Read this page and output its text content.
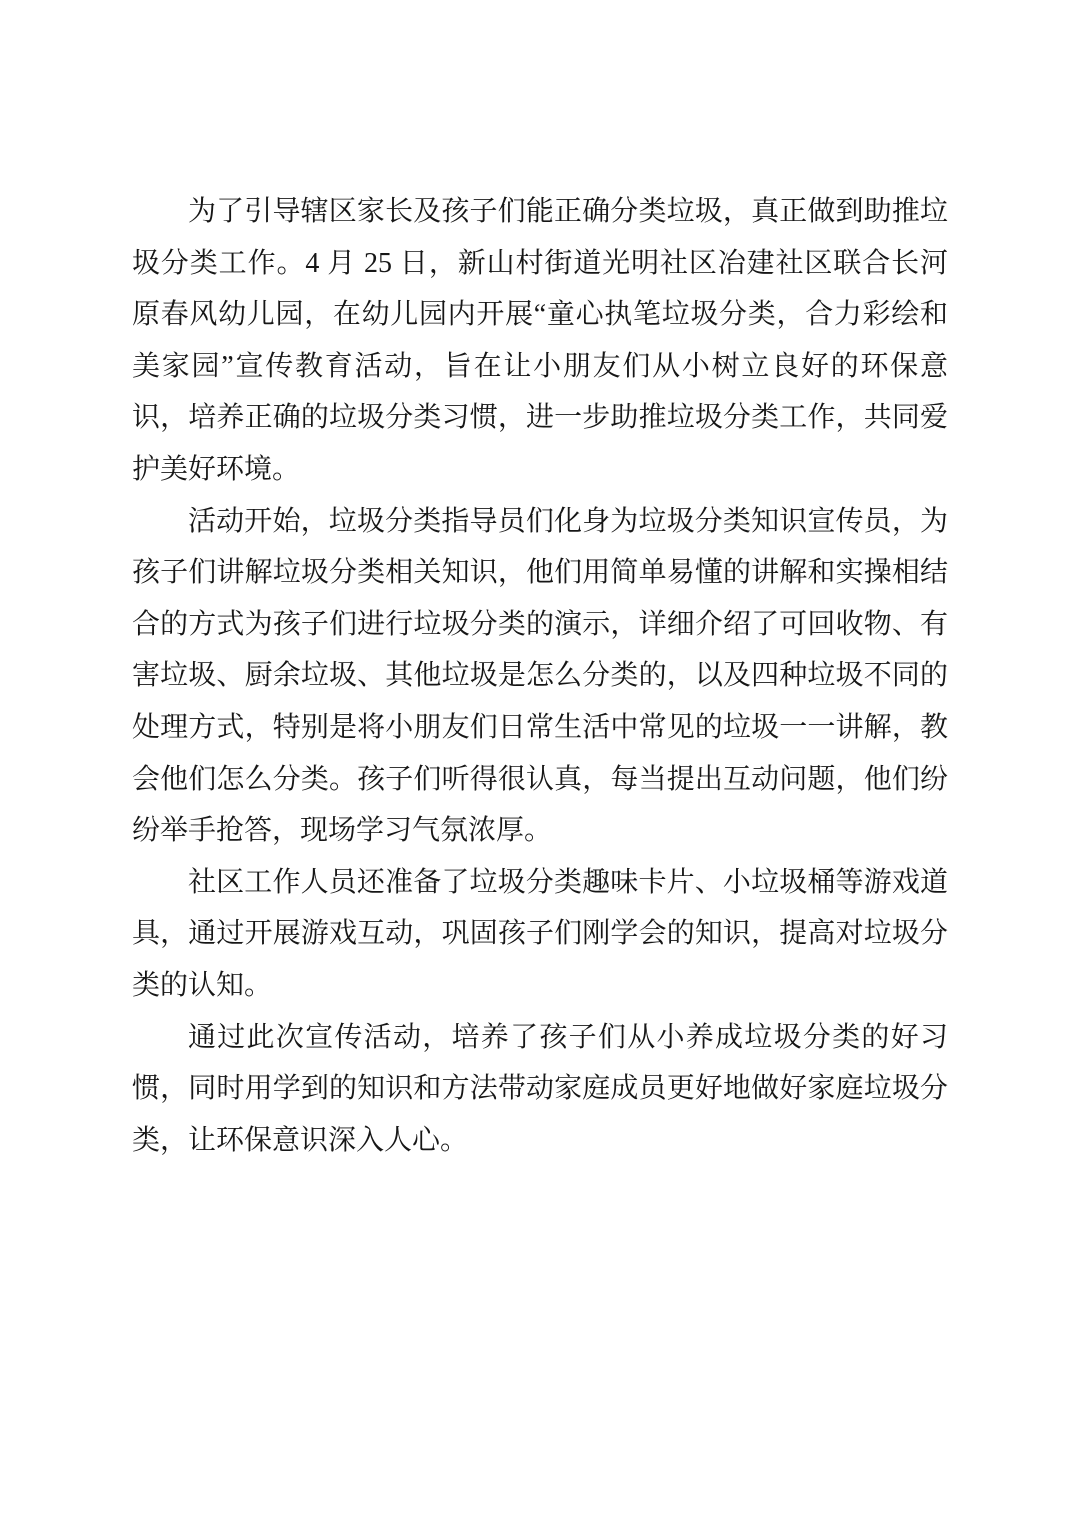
为了引导辖区家长及孩子们能正确分类垃圾，真正做到助推垃圾分类工作。4 月 25 日，新山村街道光明社区冶建社区联合长河原春风幼儿园，在幼儿园内开展“童心执笔垃圾分类，合力彩绘和美家园”宣传教育活动，旨在让小朋友们从小树立良好的环保意识，培养正确的垃圾分类习惯，进一步助推垃圾分类工作，共同爱护美好环境。

活动开始，垃圾分类指导员们化身为垃圾分类知识宣传员，为孩子们讲解垃圾分类相关知识，他们用简单易懂的讲解和实操相结合的方式为孩子们进行垃圾分类的演示，详细介绍了可回收物、有害垃圾、厨余垃圾、其他垃圾是怎么分类的，以及四种垃圾不同的处理方式，特别是将小朋友们日常生活中常见的垃圾一一讲解，教会他们怎么分类。孩子们听得很认真，每当提出互动问题，他们纷纷举手抢答，现场学习气氛浓厚。

社区工作人员还准备了垃圾分类趣味卡片、小垃圾桶等游戏道具，通过开展游戏互动，巩固孩子们刚学会的知识，提高对垃圾分类的认知。

通过此次宣传活动，培养了孩子们从小养成垃圾分类的好习惯，同时用学到的知识和方法带动家庭成员更好地做好家庭垃圾分类，让环保意识深入人心。
